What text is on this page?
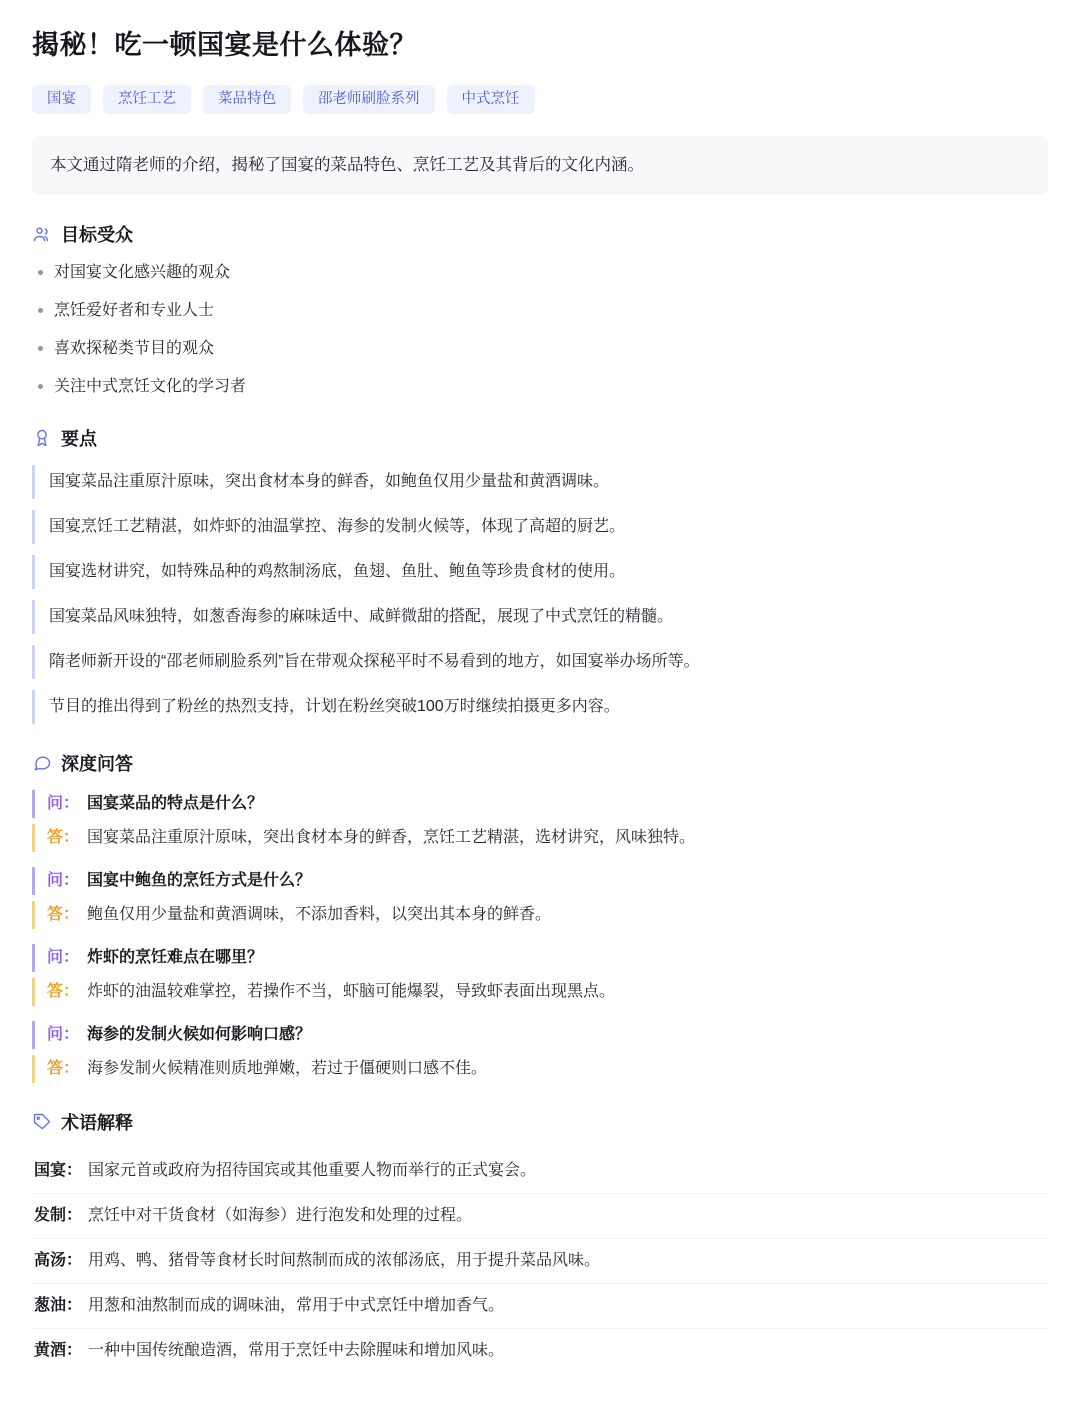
揭秘！吃一顿国宴是什么体验？
国宴	烹饪工艺	菜品特色	邵老师刷脸系列	中式烹饪
本文通过隋老师的介绍，揭秘了国宴的菜品特色、烹饪工艺及其背后的文化内涵。
目标受众
对国宴文化感兴趣的观众
烹饪爱好者和专业人士
喜欢探秘类节目的观众
关注中式烹饪文化的学习者
要点
国宴菜品注重原汁原味，突出食材本身的鲜香，如鲍鱼仅用少量盐和黄酒调味。
国宴烹饪工艺精湛，如炸虾的油温掌控、海参的发制火候等，体现了高超的厨艺。
国宴选材讲究，如特殊品种的鸡熬制汤底，鱼翅、鱼肚、鲍鱼等珍贵食材的使用。
国宴菜品风味独特，如葱香海参的麻味适中、咸鲜微甜的搭配，展现了中式烹饪的精髓。
隋老师新开设的“邵老师刷脸系列”旨在带观众探秘平时不易看到的地方，如国宴举办场所等。
节目的推出得到了粉丝的热烈支持，计划在粉丝突破100万时继续拍摄更多内容。
深度问答
问： 国宴菜品的特点是什么？
答： 国宴菜品注重原汁原味，突出食材本身的鲜香，烹饪工艺精湛，选材讲究，风味独特。
问： 国宴中鲍鱼的烹饪方式是什么？
答： 鲍鱼仅用少量盐和黄酒调味，不添加香料，以突出其本身的鲜香。
问： 炸虾的烹饪难点在哪里？
答： 炸虾的油温较难掌控，若操作不当，虾脑可能爆裂，导致虾表面出现黑点。
问： 海参的发制火候如何影响口感？
答： 海参发制火候精准则质地弹嫩，若过于僵硬则口感不佳。
术语解释
国宴： 国家元首或政府为招待国宾或其他重要人物而举行的正式宴会。
发制： 烹饪中对干货食材（如海参）进行泡发和处理的过程。
高汤： 用鸡、鸭、猪骨等食材长时间熬制而成的浓郁汤底，用于提升菜品风味。
葱油： 用葱和油熬制而成的调味油，常用于中式烹饪中增加香气。
黄酒： 一种中国传统酿造酒，常用于烹饪中去除腥味和增加风味。
